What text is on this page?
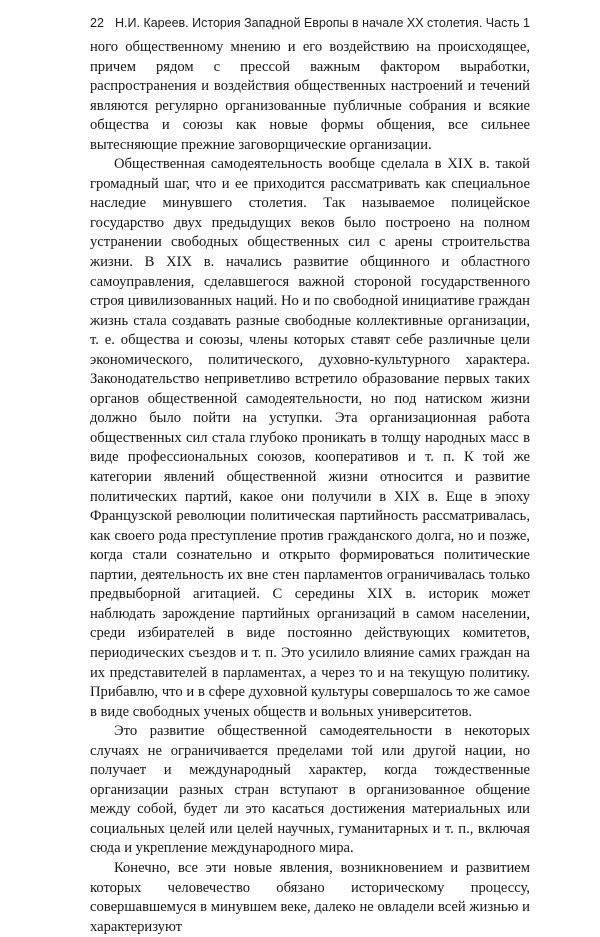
22 Н.И. Кареев. История Западной Европы в начале XX столетия. Часть 1

ного общественному мнению и его воздействию на происходящее, причем рядом с прессой важным фактором выработки, распространения и воздействия общественных настроений и течений являются регулярно организованные публичные собрания и всякие общества и союзы как новые формы общения, все сильнее вытесняющие прежние заговорщические организации.

Общественная самодеятельность вообще сделала в XIX в. такой громадный шаг, что и ее приходится рассматривать как специальное наследие минувшего столетия. Так называемое полицейское государство двух предыдущих веков было построено на полном устранении свободных общественных сил с арены строительства жизни. В XIX в. начались развитие общинного и областного самоуправления, сделавшегося важной стороной государственного строя цивилизованных наций. Но и по свободной инициативе граждан жизнь стала создавать разные свободные коллективные организации, т. е. общества и союзы, члены которых ставят себе различные цели экономического, политического, духовно-культурного характера. Законодательство неприветливо встретило образование первых таких органов общественной самодеятельности, но под натиском жизни должно было пойти на уступки. Эта организационная работа общественных сил стала глубоко проникать в толщу народных масс в виде профессиональных союзов, кооперативов и т. п. К той же категории явлений общественной жизни относится и развитие политических партий, какое они получили в XIX в. Еще в эпоху Французской революции политическая партийность рассматривалась, как своего рода преступление против гражданского долга, но и позже, когда стали сознательно и открыто формироваться политические партии, деятельность их вне стен парламентов ограничивалась только предвыборной агитацией. С середины XIX в. историк может наблюдать зарождение партийных организаций в самом населении, среди избирателей в виде постоянно действующих комитетов, периодических съездов и т. п. Это усилило влияние самих граждан на их представителей в парламентах, а через то и на текущую политику. Прибавлю, что и в сфере духовной культуры совершалось то же самое в виде свободных ученых обществ и вольных университетов.

Это развитие общественной самодеятельности в некоторых случаях не ограничивается пределами той или другой нации, но получает и международный характер, когда тождественные организации разных стран вступают в организованное общение между собой, будет ли это касаться достижения материальных или социальных целей или целей научных, гуманитарных и т. п., включая сюда и укрепление международного мира.

Конечно, все эти новые явления, возникновением и развитием которых человечество обязано историческому процессу, совершавшемуся в минувшем веке, далеко не овладели всей жизнью и характеризуют
